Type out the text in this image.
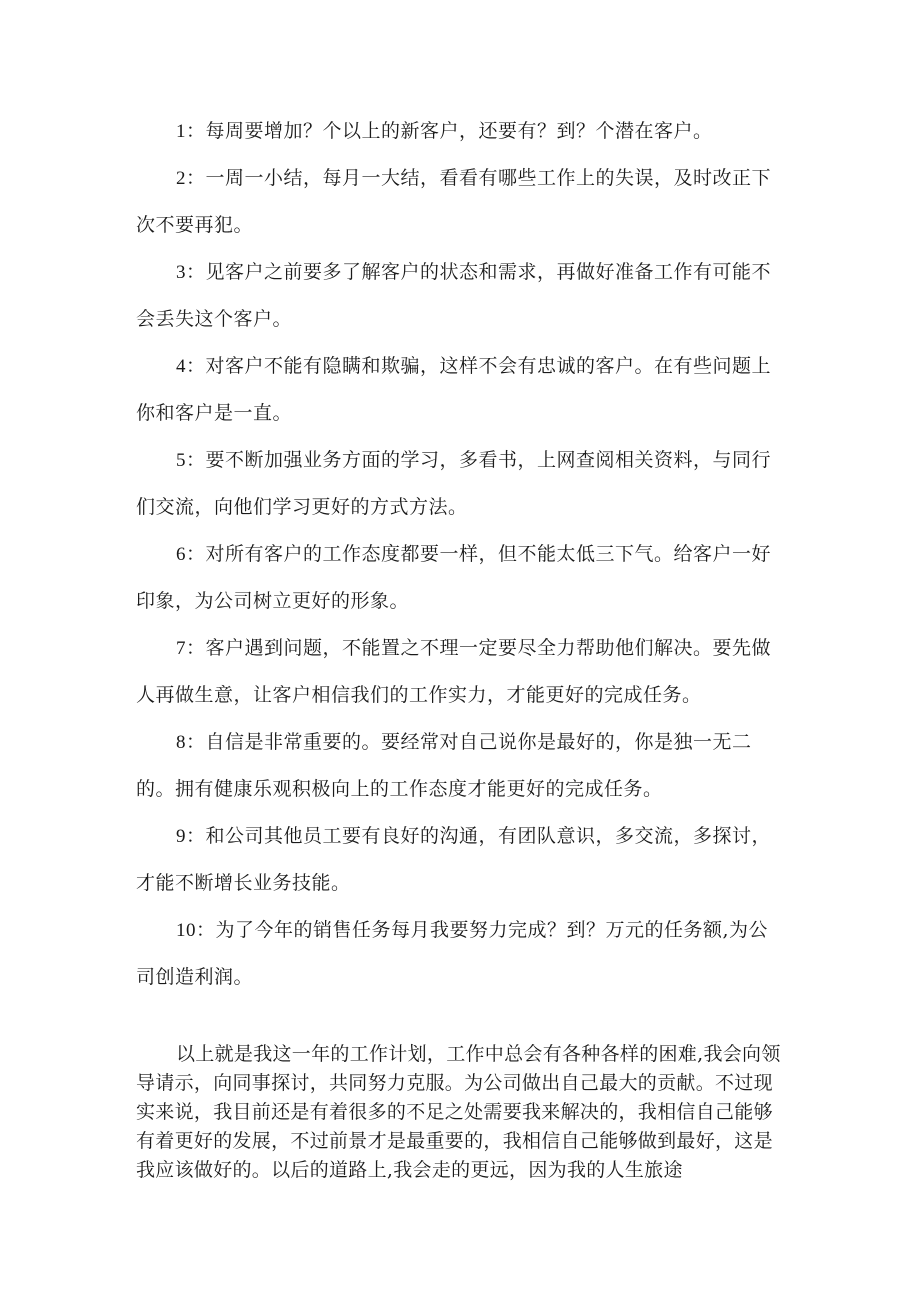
1：每周要增加？个以上的新客户，还要有？到？个潜在客户。

2：一周一小结，每月一大结，看看有哪些工作上的失误，及时改正下次不要再犯。

3：见客户之前要多了解客户的状态和需求，再做好准备工作有可能不会丢失这个客户。

4：对客户不能有隐瞒和欺骗，这样不会有忠诚的客户。在有些问题上你和客户是一直。

5：要不断加强业务方面的学习，多看书，上网查阅相关资料，与同行们交流，向他们学习更好的方式方法。

6：对所有客户的工作态度都要一样，但不能太低三下气。给客户一好印象，为公司树立更好的形象。

7：客户遇到问题，不能置之不理一定要尽全力帮助他们解决。要先做人再做生意，让客户相信我们的工作实力，才能更好的完成任务。

8：自信是非常重要的。要经常对自己说你是最好的，你是独一无二的。拥有健康乐观积极向上的工作态度才能更好的完成任务。

9：和公司其他员工要有良好的沟通，有团队意识，多交流，多探讨，才能不断增长业务技能。

10：为了今年的销售任务每月我要努力完成？到？万元的任务额,为公司创造利润。

以上就是我这一年的工作计划，工作中总会有各种各样的困难,我会向领导请示，向同事探讨，共同努力克服。为公司做出自己最大的贡献。不过现实来说，我目前还是有着很多的不足之处需要我来解决的，我相信自己能够有着更好的发展，不过前景才是最重要的，我相信自己能够做到最好，这是我应该做好的。以后的道路上,我会走的更远，因为我的人生旅途
